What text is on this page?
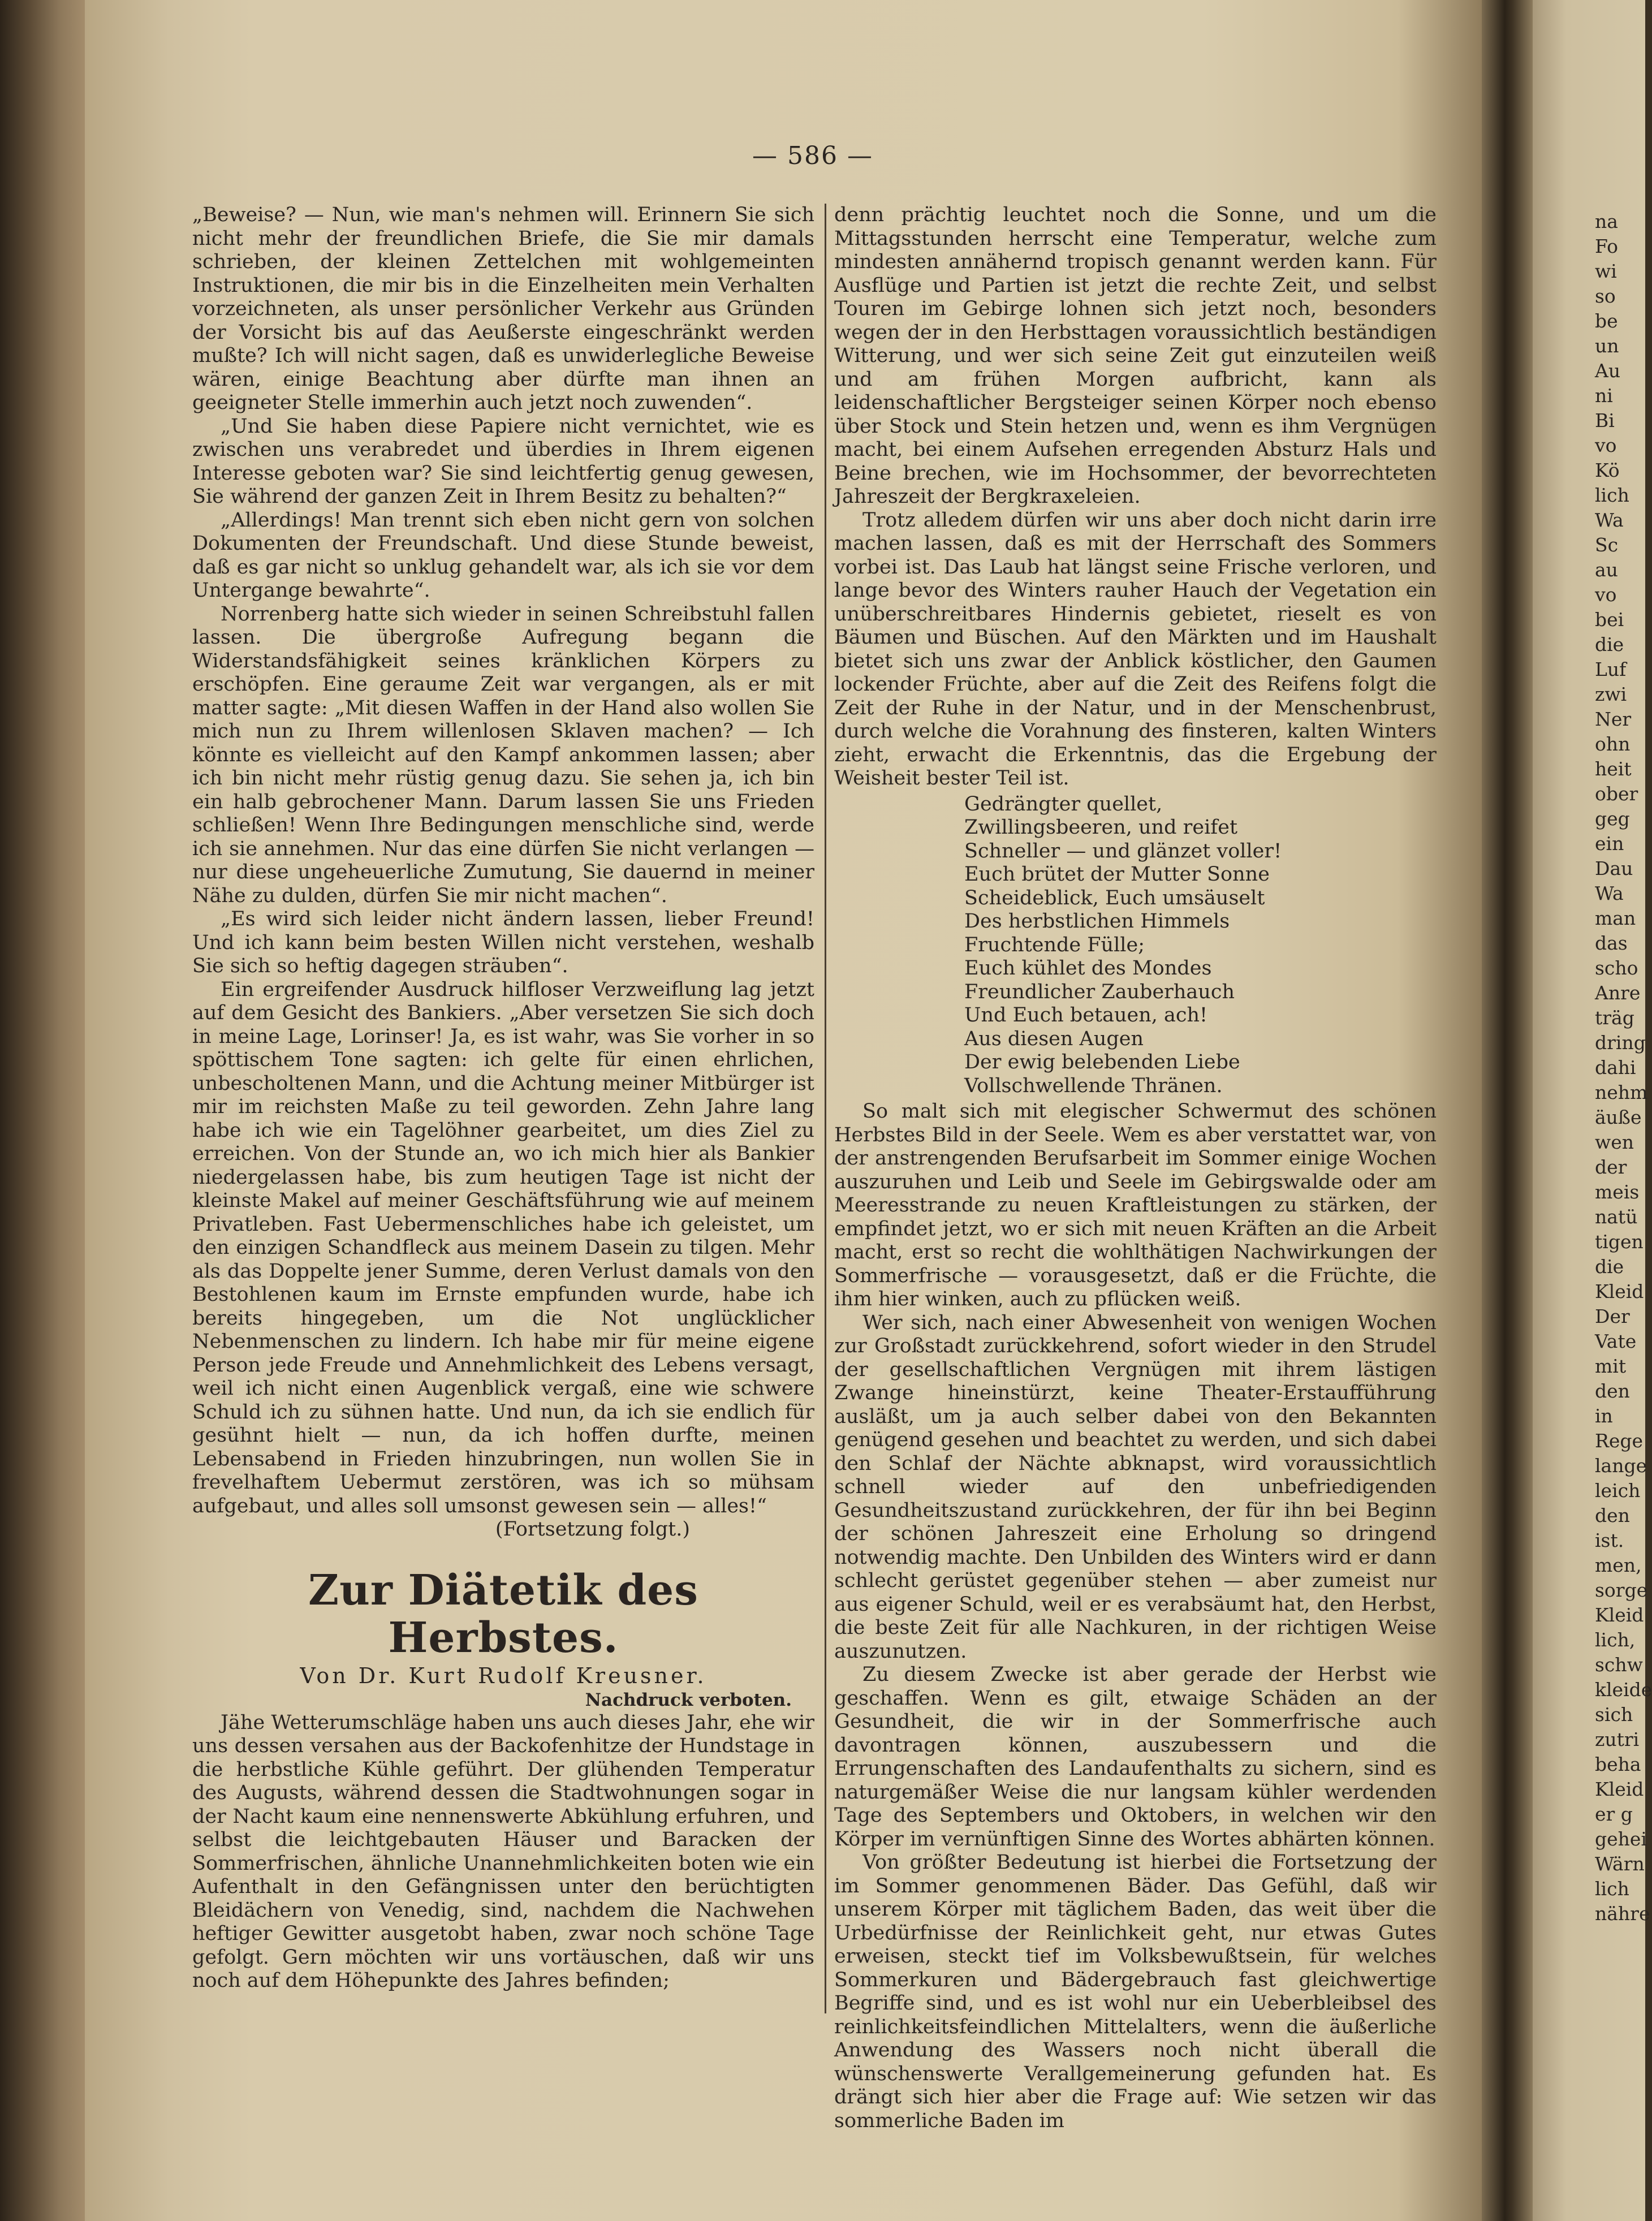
na
Fo
wi
so
be
un
Au
ni
Bi
vo
Kö
lich
Wa
Sc
au
vo
bei
die
Luf
zwi
Ner
ohn
heit
ober
geg
ein
Dau
Wa
man
das
scho
Anre
träg
dring
dahi
nehm
äuße
wen
der
meis
natü
tigen
die
Kleid
Der
Vate
mit
den
in
Rege
lange
leich
den
ist.
men,
sorge
Kleid
lich,
schw
kleide
sich
zutri
beha
Kleid
er g
gehei
Wärn
lich
nähre
— 586 —

„Beweise? — Nun, wie man's nehmen will. Erinnern Sie sich nicht mehr der freundlichen Briefe, die Sie mir damals schrieben, der kleinen Zettelchen mit wohlgemeinten Instruktionen, die mir bis in die Einzelheiten mein Verhalten vorzeichneten, als unser persönlicher Verkehr aus Gründen der Vorsicht bis auf das Aeußerste eingeschränkt werden mußte? Ich will nicht sagen, daß es unwiderlegliche Beweise wären, einige Beachtung aber dürfte man ihnen an geeigneter Stelle immerhin auch jetzt noch zuwenden“.

„Und Sie haben diese Papiere nicht vernichtet, wie es zwischen uns verabredet und überdies in Ihrem eigenen Interesse geboten war? Sie sind leichtfertig genug gewesen, Sie während der ganzen Zeit in Ihrem Besitz zu behalten?“

„Allerdings! Man trennt sich eben nicht gern von solchen Dokumenten der Freundschaft. Und diese Stunde beweist, daß es gar nicht so unklug gehandelt war, als ich sie vor dem Untergange bewahrte“.

Norrenberg hatte sich wieder in seinen Schreibstuhl fallen lassen. Die übergroße Aufregung begann die Widerstandsfähigkeit seines kränklichen Körpers zu erschöpfen. Eine geraume Zeit war vergangen, als er mit matter sagte: „Mit diesen Waffen in der Hand also wollen Sie mich nun zu Ihrem willenlosen Sklaven machen? — Ich könnte es vielleicht auf den Kampf ankommen lassen; aber ich bin nicht mehr rüstig genug dazu. Sie sehen ja, ich bin ein halb gebrochener Mann. Darum lassen Sie uns Frieden schließen! Wenn Ihre Bedingungen menschliche sind, werde ich sie annehmen. Nur das eine dürfen Sie nicht verlangen — nur diese ungeheuerliche Zumutung, Sie dauernd in meiner Nähe zu dulden, dürfen Sie mir nicht machen“.

„Es wird sich leider nicht ändern lassen, lieber Freund! Und ich kann beim besten Willen nicht verstehen, weshalb Sie sich so heftig dagegen sträuben“.

Ein ergreifender Ausdruck hilfloser Verzweiflung lag jetzt auf dem Gesicht des Bankiers. „Aber versetzen Sie sich doch in meine Lage, Lorinser! Ja, es ist wahr, was Sie vorher in so spöttischem Tone sagten: ich gelte für einen ehrlichen, unbescholtenen Mann, und die Achtung meiner Mitbürger ist mir im reichsten Maße zu teil geworden. Zehn Jahre lang habe ich wie ein Tagelöhner gearbeitet, um dies Ziel zu erreichen. Von der Stunde an, wo ich mich hier als Bankier niedergelassen habe, bis zum heutigen Tage ist nicht der kleinste Makel auf meiner Geschäftsführung wie auf meinem Privatleben. Fast Uebermenschliches habe ich geleistet, um den einzigen Schandfleck aus meinem Dasein zu tilgen. Mehr als das Doppelte jener Summe, deren Verlust damals von den Bestohlenen kaum im Ernste empfunden wurde, habe ich bereits hingegeben, um die Not unglücklicher Nebenmenschen zu lindern. Ich habe mir für meine eigene Person jede Freude und Annehmlichkeit des Lebens versagt, weil ich nicht einen Augenblick vergaß, eine wie schwere Schuld ich zu sühnen hatte. Und nun, da ich sie endlich für gesühnt hielt — nun, da ich hoffen durfte, meinen Lebensabend in Frieden hinzubringen, nun wollen Sie in frevelhaftem Uebermut zerstören, was ich so mühsam aufgebaut, und alles soll umsonst gewesen sein — alles!“

(Fortsetzung folgt.)
Zur Diätetik des Herbstes.
Von Dr. Kurt Rudolf Kreusner.
Nachdruck verboten.

Jähe Wetterumschläge haben uns auch dieses Jahr, ehe wir uns dessen versahen aus der Backofenhitze der Hundstage in die herbstliche Kühle geführt. Der glühenden Temperatur des Augusts, während dessen die Stadtwohnungen sogar in der Nacht kaum eine nennenswerte Abkühlung erfuhren, und selbst die leichtgebauten Häuser und Baracken der Sommerfrischen, ähnliche Unannehmlichkeiten boten wie ein Aufenthalt in den Gefängnissen unter den berüchtigten Bleidächern von Venedig, sind, nachdem die Nachwehen heftiger Gewitter ausgetobt haben, zwar noch schöne Tage gefolgt. Gern möchten wir uns vortäuschen, daß wir uns noch auf dem Höhepunkte des Jahres befinden;

denn prächtig leuchtet noch die Sonne, und um die Mittagsstunden herrscht eine Temperatur, welche zum mindesten annähernd tropisch genannt werden kann. Für Ausflüge und Partien ist jetzt die rechte Zeit, und selbst Touren im Gebirge lohnen sich jetzt noch, besonders wegen der in den Herbsttagen voraussichtlich beständigen Witterung, und wer sich seine Zeit gut einzuteilen weiß und am frühen Morgen aufbricht, kann als leidenschaftlicher Bergsteiger seinen Körper noch ebenso über Stock und Stein hetzen und, wenn es ihm Vergnügen macht, bei einem Aufsehen erregenden Absturz Hals und Beine brechen, wie im Hochsommer, der bevorrechteten Jahreszeit der Bergkraxeleien.

Trotz alledem dürfen wir uns aber doch nicht darin irre machen lassen, daß es mit der Herrschaft des Sommers vorbei ist. Das Laub hat längst seine Frische verloren, und lange bevor des Winters rauher Hauch der Vegetation ein unüberschreitbares Hindernis gebietet, rieselt es von Bäumen und Büschen. Auf den Märkten und im Haushalt bietet sich uns zwar der Anblick köstlicher, den Gaumen lockender Früchte, aber auf die Zeit des Reifens folgt die Zeit der Ruhe in der Natur, und in der Menschenbrust, durch welche die Vorahnung des finsteren, kalten Winters zieht, erwacht die Erkenntnis, das die Ergebung der Weisheit bester Teil ist.

Gedrängter quellet,
Zwillingsbeeren, und reifet
Schneller — und glänzet voller!
Euch brütet der Mutter Sonne
Scheideblick, Euch umsäuselt
Des herbstlichen Himmels
Fruchtende Fülle;
Euch kühlet des Mondes
Freundlicher Zauberhauch
Und Euch betauen, ach!
Aus diesen Augen
Der ewig belebenden Liebe
Vollschwellende Thränen.

So malt sich mit elegischer Schwermut des schönen Herbstes Bild in der Seele. Wem es aber verstattet war, von der anstrengenden Berufsarbeit im Sommer einige Wochen auszuruhen und Leib und Seele im Gebirgswalde oder am Meeresstrande zu neuen Kraftleistungen zu stärken, der empfindet jetzt, wo er sich mit neuen Kräften an die Arbeit macht, erst so recht die wohlthätigen Nachwirkungen der Sommerfrische — vorausgesetzt, daß er die Früchte, die ihm hier winken, auch zu pflücken weiß.

Wer sich, nach einer Abwesenheit von wenigen Wochen zur Großstadt zurückkehrend, sofort wieder in den Strudel der gesellschaftlichen Vergnügen mit ihrem lästigen Zwange hineinstürzt, keine Theater-Erstaufführung ausläßt, um ja auch selber dabei von den Bekannten genügend gesehen und beachtet zu werden, und sich dabei den Schlaf der Nächte abknapst, wird voraussichtlich schnell wieder auf den unbefriedigenden Gesundheitszustand zurückkehren, der für ihn bei Beginn der schönen Jahreszeit eine Erholung so dringend notwendig machte. Den Unbilden des Winters wird er dann schlecht gerüstet gegenüber stehen — aber zumeist nur aus eigener Schuld, weil er es verabsäumt hat, den Herbst, die beste Zeit für alle Nachkuren, in der richtigen Weise auszunutzen.

Zu diesem Zwecke ist aber gerade der Herbst wie geschaffen. Wenn es gilt, etwaige Schäden an der Gesundheit, die wir in der Sommerfrische auch davontragen können, auszubessern und die Errungenschaften des Landaufenthalts zu sichern, sind es naturgemäßer Weise die nur langsam kühler werdenden Tage des Septembers und Oktobers, in welchen wir den Körper im vernünftigen Sinne des Wortes abhärten können.

Von größter Bedeutung ist hierbei die Fortsetzung der im Sommer genommenen Bäder. Das Gefühl, daß wir unserem Körper mit täglichem Baden, das weit über die Urbedürfnisse der Reinlichkeit geht, nur etwas Gutes erweisen, steckt tief im Volksbewußtsein, für welches Sommerkuren und Bädergebrauch fast gleichwertige Begriffe sind, und es ist wohl nur ein Ueberbleibsel des reinlichkeitsfeindlichen Mittelalters, wenn die äußerliche Anwendung des Wassers noch nicht überall die wünschenswerte Verallgemeinerung gefunden hat. Es drängt sich hier aber die Frage auf: Wie setzen wir das sommerliche Baden im
